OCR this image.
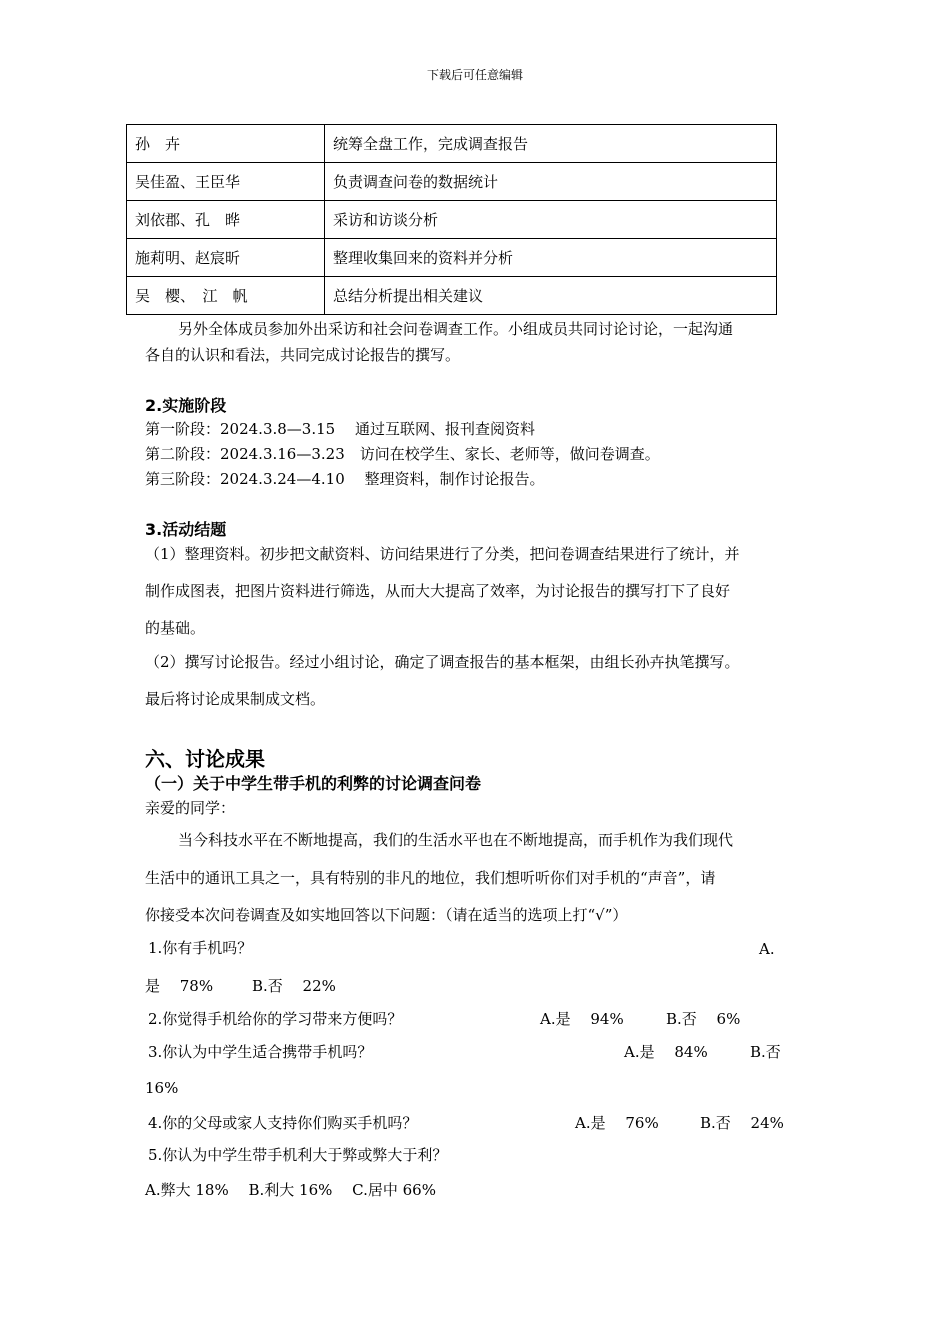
下载后可任意编辑
孙　卉	统筹全盘工作，完成调查报告
吴佳盈、王臣华	负责调查问卷的数据统计
刘依郡、孔　晔	采访和访谈分析
施莉明、赵宸昕	整理收集回来的资料并分析
吴　樱、　江　帆	总结分析提出相关建议
另外全体成员参加外出采访和社会问卷调查工作。小组成员共同讨论讨论，一起沟通
各自的认识和看法，共同完成讨论报告的撰写。
2.实施阶段
第一阶段：2024.3.8—3.15　 通过互联网、报刊查阅资料
第二阶段：2024.3.16—3.23　访问在校学生、家长、老师等，做问卷调查。
第三阶段：2024.3.24—4.10　 整理资料，制作讨论报告。
3.活动结题
（1）整理资料。初步把文献资料、访问结果进行了分类，把问卷调查结果进行了统计，并
制作成图表，把图片资料进行筛选，从而大大提高了效率，为讨论报告的撰写打下了良好
的基础。
（2）撰写讨论报告。经过小组讨论，确定了调查报告的基本框架，由组长孙卉执笔撰写。
最后将讨论成果制成文档。
六、讨论成果
（一）关于中学生带手机的利弊的讨论调查问卷
亲爱的同学：
当今科技水平在不断地提高，我们的生活水平也在不断地提高，而手机作为我们现代
生活中的通讯工具之一，具有特别的非凡的地位，我们想听听你们对手机的“声音”，请
你接受本次问卷调查及如实地回答以下问题：（请在适当的选项上打“√”）
1.你有手机吗？	A.
是　 78%	B.否　 22%
2.你觉得手机给你的学习带来方便吗？	A.是　 94%	B.否　 6%
3.你认为中学生适合携带手机吗？	A.是　 84%	B.否
16%
4.你的父母或家人支持你们购买手机吗？	A.是　 76%	B.否　 24%
5.你认为中学生带手机利大于弊或弊大于利？
A.弊大 18%　 B.利大 16%　 C.居中 66%
